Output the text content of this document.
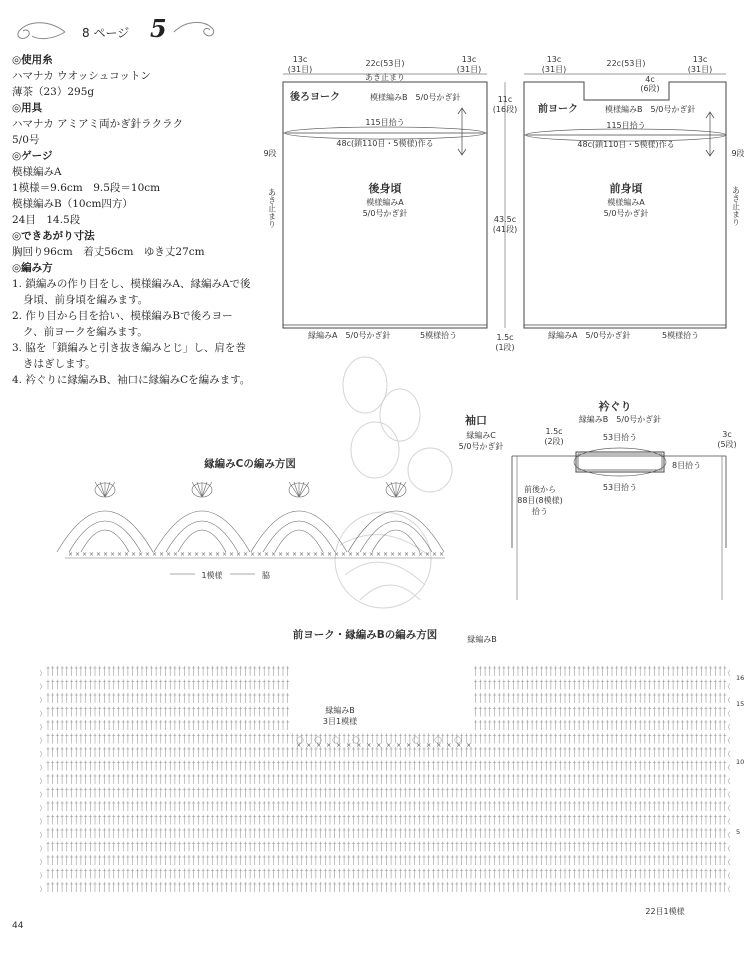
8 ページ 5
◎使用糸
ハマナカ ウオッシュコットン
薄茶（23）295g
◎用具
ハマナカ アミアミ両かぎ針ラクラク
5/0号
◎ゲージ
模様編みA
1模様＝9.6cm　9.5段＝10cm
模様編みB（10cm四方）
24目　14.5段
◎できあがり寸法
胸回り96cm　着丈56cm　ゆき丈27cm
◎編み方

1. 鎖編みの作り目をし、模様編みA、縁編みAで後身頃、前身頃を編みます。

2. 作り目から目を拾い、模様編みBで後ろヨーク、前ヨークを編みます。

3. 脇を「鎖編みと引き抜き編みとじ」し、肩を巻きはぎします。

4. 衿ぐりに縁編みB、袖口に縁編みCを編みます。

13c
(31目)
22c(53目)	13c
(31目)
あき止まり
後ろヨーク	模様編みB　5/0号かぎ針
115目拾う
48c(鎖110目・5模様)作る
9段
あき止まり	後身頃
模様編みA
5/0号かぎ針
縁編みA　5/0号かぎ針	5模様拾う
11c
(16段)
43.5c
(41段)
1.5c
(1段)
13c
(31目)
22c(53目)	13c
(31目)
4c
(6段)
前ヨーク	模様編みB　5/0号かぎ針
115目拾う
48c(鎖110目・5模様)作る
9段
あき止まり
前身頃
模様編みA
5/0号かぎ針
縁編みA　5/0号かぎ針	5模様拾う
袖口
縁編みC
5/0号かぎ針
衿ぐり
縁編みB　5/0号かぎ針
1.5c
(2段)	53目拾う
53目拾う
8目拾う
3c
(5段)
前後から
88目(8模様)
拾う
縁編みCの編み方図
× × × × × × × × × × × × × × × × × × × × × × × × × × × × × × × × × × × × × × × × × × × × × × × × × × × × × ×
1模様	脇
前ヨーク・縁編みBの編み方図	縁編みB
縁編みB
3目1模様
× × × × × × × × × × × × × × × × × ×
16
15
10
5
22目1模様
44
